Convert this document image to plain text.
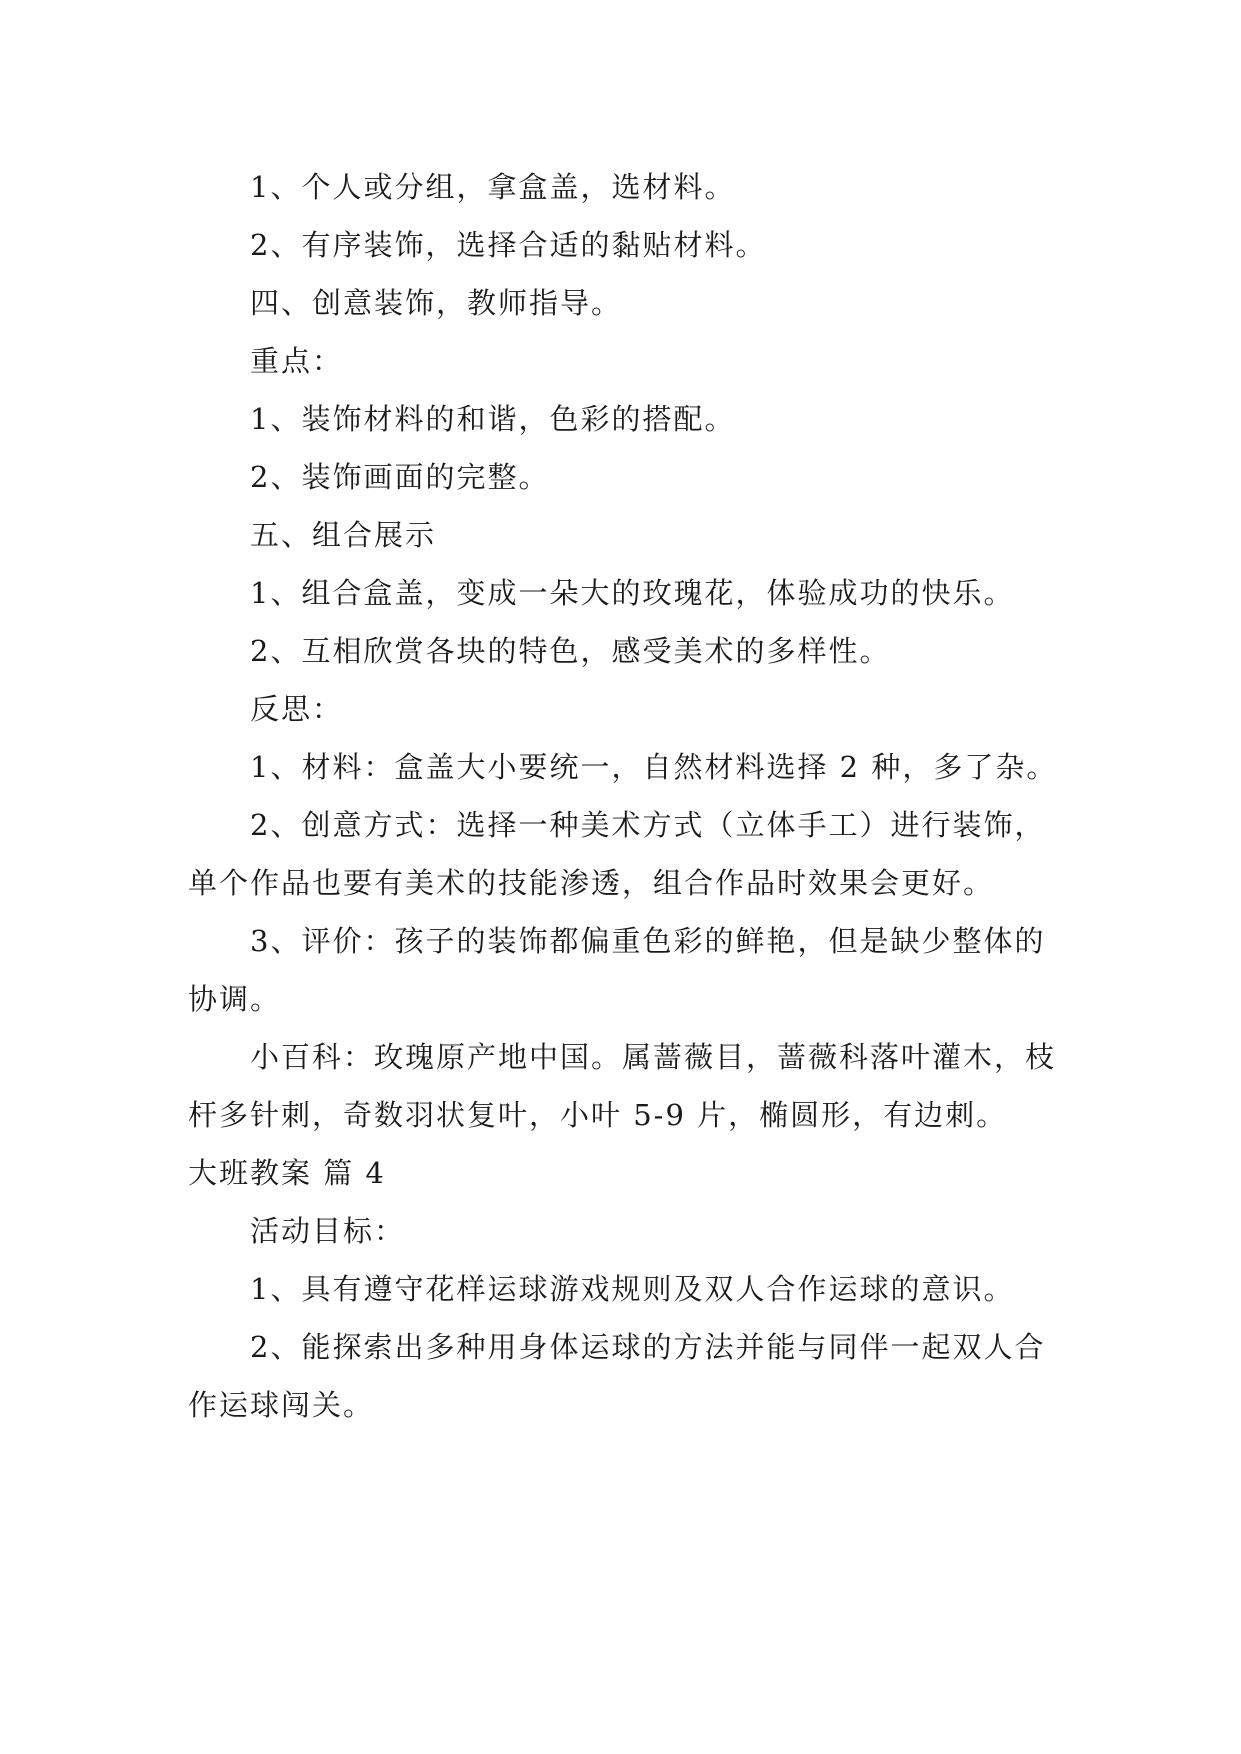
1、个人或分组，拿盒盖，选材料。

2、有序装饰，选择合适的黏贴材料。

四、创意装饰，教师指导。

重点：

1、装饰材料的和谐，色彩的搭配。

2、装饰画面的完整。

五、组合展示

1、组合盒盖，变成一朵大的玫瑰花，体验成功的快乐。

2、互相欣赏各块的特色，感受美术的多样性。

反思：

1、材料：盒盖大小要统一，自然材料选择 2 种，多了杂。

2、创意方式：选择一种美术方式（立体手工）进行装饰，单个作品也要有美术的技能渗透，组合作品时效果会更好。

3、评价：孩子的装饰都偏重色彩的鲜艳，但是缺少整体的协调。

小百科：玫瑰原产地中国。属蔷薇目，蔷薇科落叶灌木，枝杆多针刺，奇数羽状复叶，小叶 5-9 片，椭圆形，有边刺。

大班教案 篇 4

活动目标：

1、具有遵守花样运球游戏规则及双人合作运球的意识。

2、能探索出多种用身体运球的方法并能与同伴一起双人合作运球闯关。
